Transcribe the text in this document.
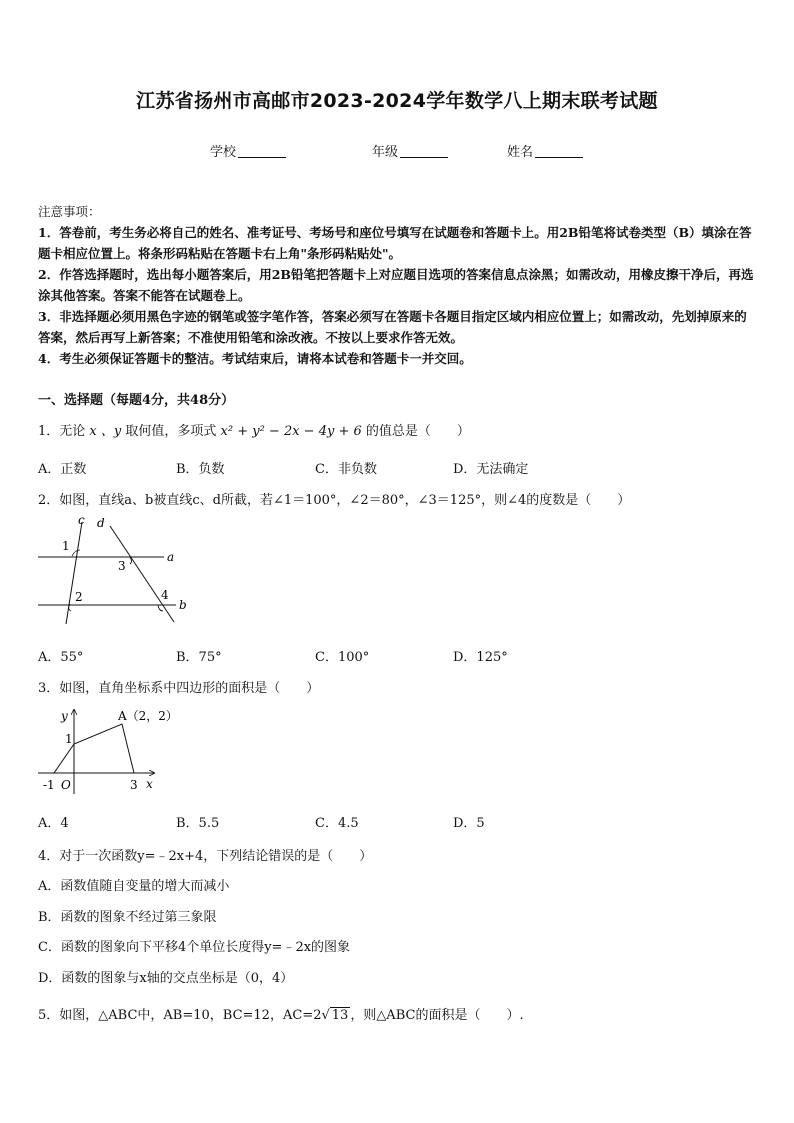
江苏省扬州市高邮市2023-2024学年数学八上期末联考试题
学校	年级	姓名

注意事项：

1．答卷前，考生务必将自己的姓名、准考证号、考场号和座位号填写在试题卷和答题卡上。用2B铅笔将试卷类型（B）填涂在答题卡相应位置上。将条形码粘贴在答题卡右上角"条形码粘贴处"。

2．作答选择题时，选出每小题答案后，用2B铅笔把答题卡上对应题目选项的答案信息点涂黑；如需改动，用橡皮擦干净后，再选涂其他答案。答案不能答在试题卷上。

3．非选择题必须用黑色字迹的钢笔或签字笔作答，答案必须写在答题卡各题目指定区域内相应位置上；如需改动，先划掉原来的答案，然后再写上新答案；不准使用铅笔和涂改液。不按以上要求作答无效。

4．考生必须保证答题卡的整洁。考试结束后，请将本试卷和答题卡一并交回。

一、选择题（每题4分，共48分）
1．无论 x 、y 取何值，多项式 x² + y² − 2x − 4y + 6 的值总是（　　）
A．正数	B．负数	C．非负数	D．无法确定
2．如图，直线a、b被直线c、d所截，若∠1＝100°，∠2＝80°，∠3＝125°，则∠4的度数是（　　）
c d
a
b
1
2
3
4
A．55°	B．75°	C．100°	D．125°
3．如图，直角坐标系中四边形的面积是（　　）
y
x
A（2，2）
1
-1 O	3
A．4	B．5.5	C．4.5	D．5
4．对于一次函数y=﹣2x+4，下列结论错误的是（　　）
A．函数值随自变量的增大而减小
B．函数的图象不经过第三象限
C．函数的图象向下平移4个单位长度得y=﹣2x的图象
D．函数的图象与x轴的交点坐标是（0，4）
5．如图，△ABC中，AB=10，BC=12，AC=2√ 13 ，则△ABC的面积是（　　）.
